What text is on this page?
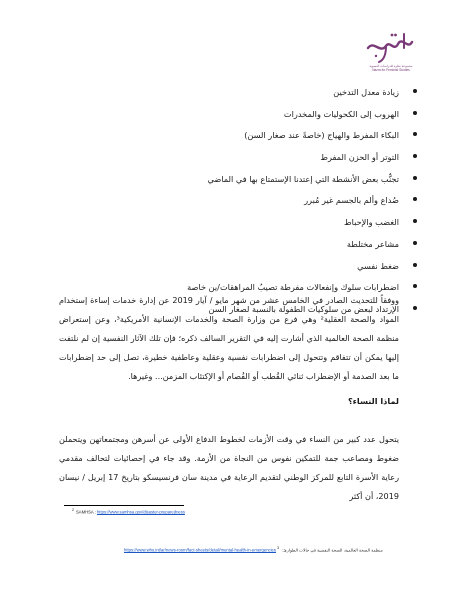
مجموعة نظرة للدراسات النسوية
Nazra for Feminist Studies
زيادة معدل التدخين
الهروب إلى الكحوليات والمخدرات
البكاء المفرط والهياج (خاصةً عند صغار السن)
التوتر أو الحزن المفرط
تجنُّب بعض الأنشطة التي إعتدنا الإستمتاع بها في الماضي
صُداع وألم بالجسم غير مُبرر
الغضب والإحباط
مشاعر مختلطة
ضغط نفسي
اضطرابات سلوك وإنفعالات مفرطة تصيبُ المراهقات/ين خاصة
الإرتداد لبعض من سلوكيات الطفولة بالنسبة لصغار السن

ووفقاً للتحديث الصادر في الخامس عشر من شهر مايو / آيار 2019 عن إدارة خدمات إساءة إستخدام المواد والصحة العقلية² وهي فرع من وزارة الصحة والخدمات الإنسانية الأمريكية³، وعن إستعراض منظمة الصحة العالمية الذي أشارت إليه في التقرير السالف ذكره؛ فإن تلك الآثار النفسية إن لم نلتفت إليها يمكن أن تتفاقم وتتحول إلى اضطرابات نفسية وعقلية وعاطفية خطيرة، تصل إلى حد إضطرابات ما بعد الصدمة أو الإضطراب ثنائي القُطب أو الفُصام أو الإكتئاب المزمن... وغيرها.

لماذا النساء؟

يتحول عدد كبير من النساء في وقت الأزمات لخطوط الدفاع الأولى عن أسرهن ومجتمعاتهن ويتحملن ضغوط ومصاعب جمة للتمكين نفوس من النجاة من الأزمة. وقد جاء في إحصائيات لتحالف مقدمي رعاية الأسرة التابع للمركز الوطني لتقديم الرعاية في مدينة سان فرنسيسكو بتاريخ 17 إبريل / نيسان 2019، أن أكثر

2 SAMHSA : https://www.samhsa.gov/disaster-preparedness
https://www.who.int/ar/news-room/fact-sheets/detail/mental-health-in-emergencies منظمة الصحة العالمية، الصحة النفسية في حالات الطوارئ: 3
